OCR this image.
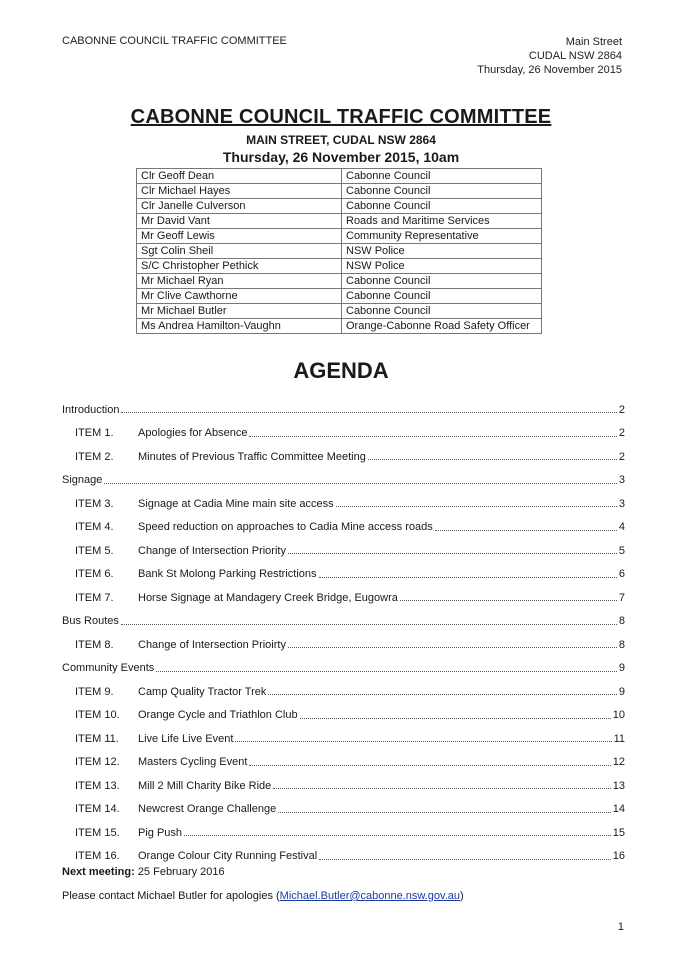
CABONNE COUNCIL TRAFFIC COMMITTEE	Main Street
CUDAL NSW 2864
Thursday, 26 November 2015
CABONNE COUNCIL TRAFFIC COMMITTEE
MAIN STREET, CUDAL NSW 2864
Thursday, 26 November 2015, 10am
Clr Geoff Dean	Cabonne Council
Clr Michael Hayes	Cabonne Council
Clr Janelle Culverson	Cabonne Council
Mr David Vant	Roads and Maritime Services
Mr Geoff Lewis	Community Representative
Sgt Colin Sheil	NSW Police
S/C Christopher Pethick	NSW Police
Mr Michael Ryan	Cabonne Council
Mr Clive Cawthorne	Cabonne Council
Mr Michael Butler	Cabonne Council
Ms Andrea Hamilton-Vaughn	Orange-Cabonne Road Safety Officer
AGENDA
Introduction	2
ITEM 1.	Apologies for Absence	2
ITEM 2.	Minutes of Previous Traffic Committee Meeting	2
Signage	3
ITEM 3.	Signage at Cadia Mine main site access	3
ITEM 4.	Speed reduction on approaches to Cadia Mine access roads	4
ITEM 5.	Change of Intersection Priority	5
ITEM 6.	Bank St Molong Parking Restrictions	6
ITEM 7.	Horse Signage at Mandagery Creek Bridge, Eugowra	7
Bus Routes	8
ITEM 8.	Change of Intersection Prioirty	8
Community Events	9
ITEM 9.	Camp Quality Tractor Trek	9
ITEM 10.	Orange Cycle and Triathlon Club	10
ITEM 11.	Live Life Live Event	11
ITEM 12.	Masters Cycling Event	12
ITEM 13.	Mill 2 Mill Charity Bike Ride	13
ITEM 14.	Newcrest Orange Challenge	14
ITEM 15.	Pig Push	15
ITEM 16.	Orange Colour City Running Festival	16
Next meeting: 25 February 2016
Please contact Michael Butler for apologies (Michael.Butler@cabonne.nsw.gov.au)
1
